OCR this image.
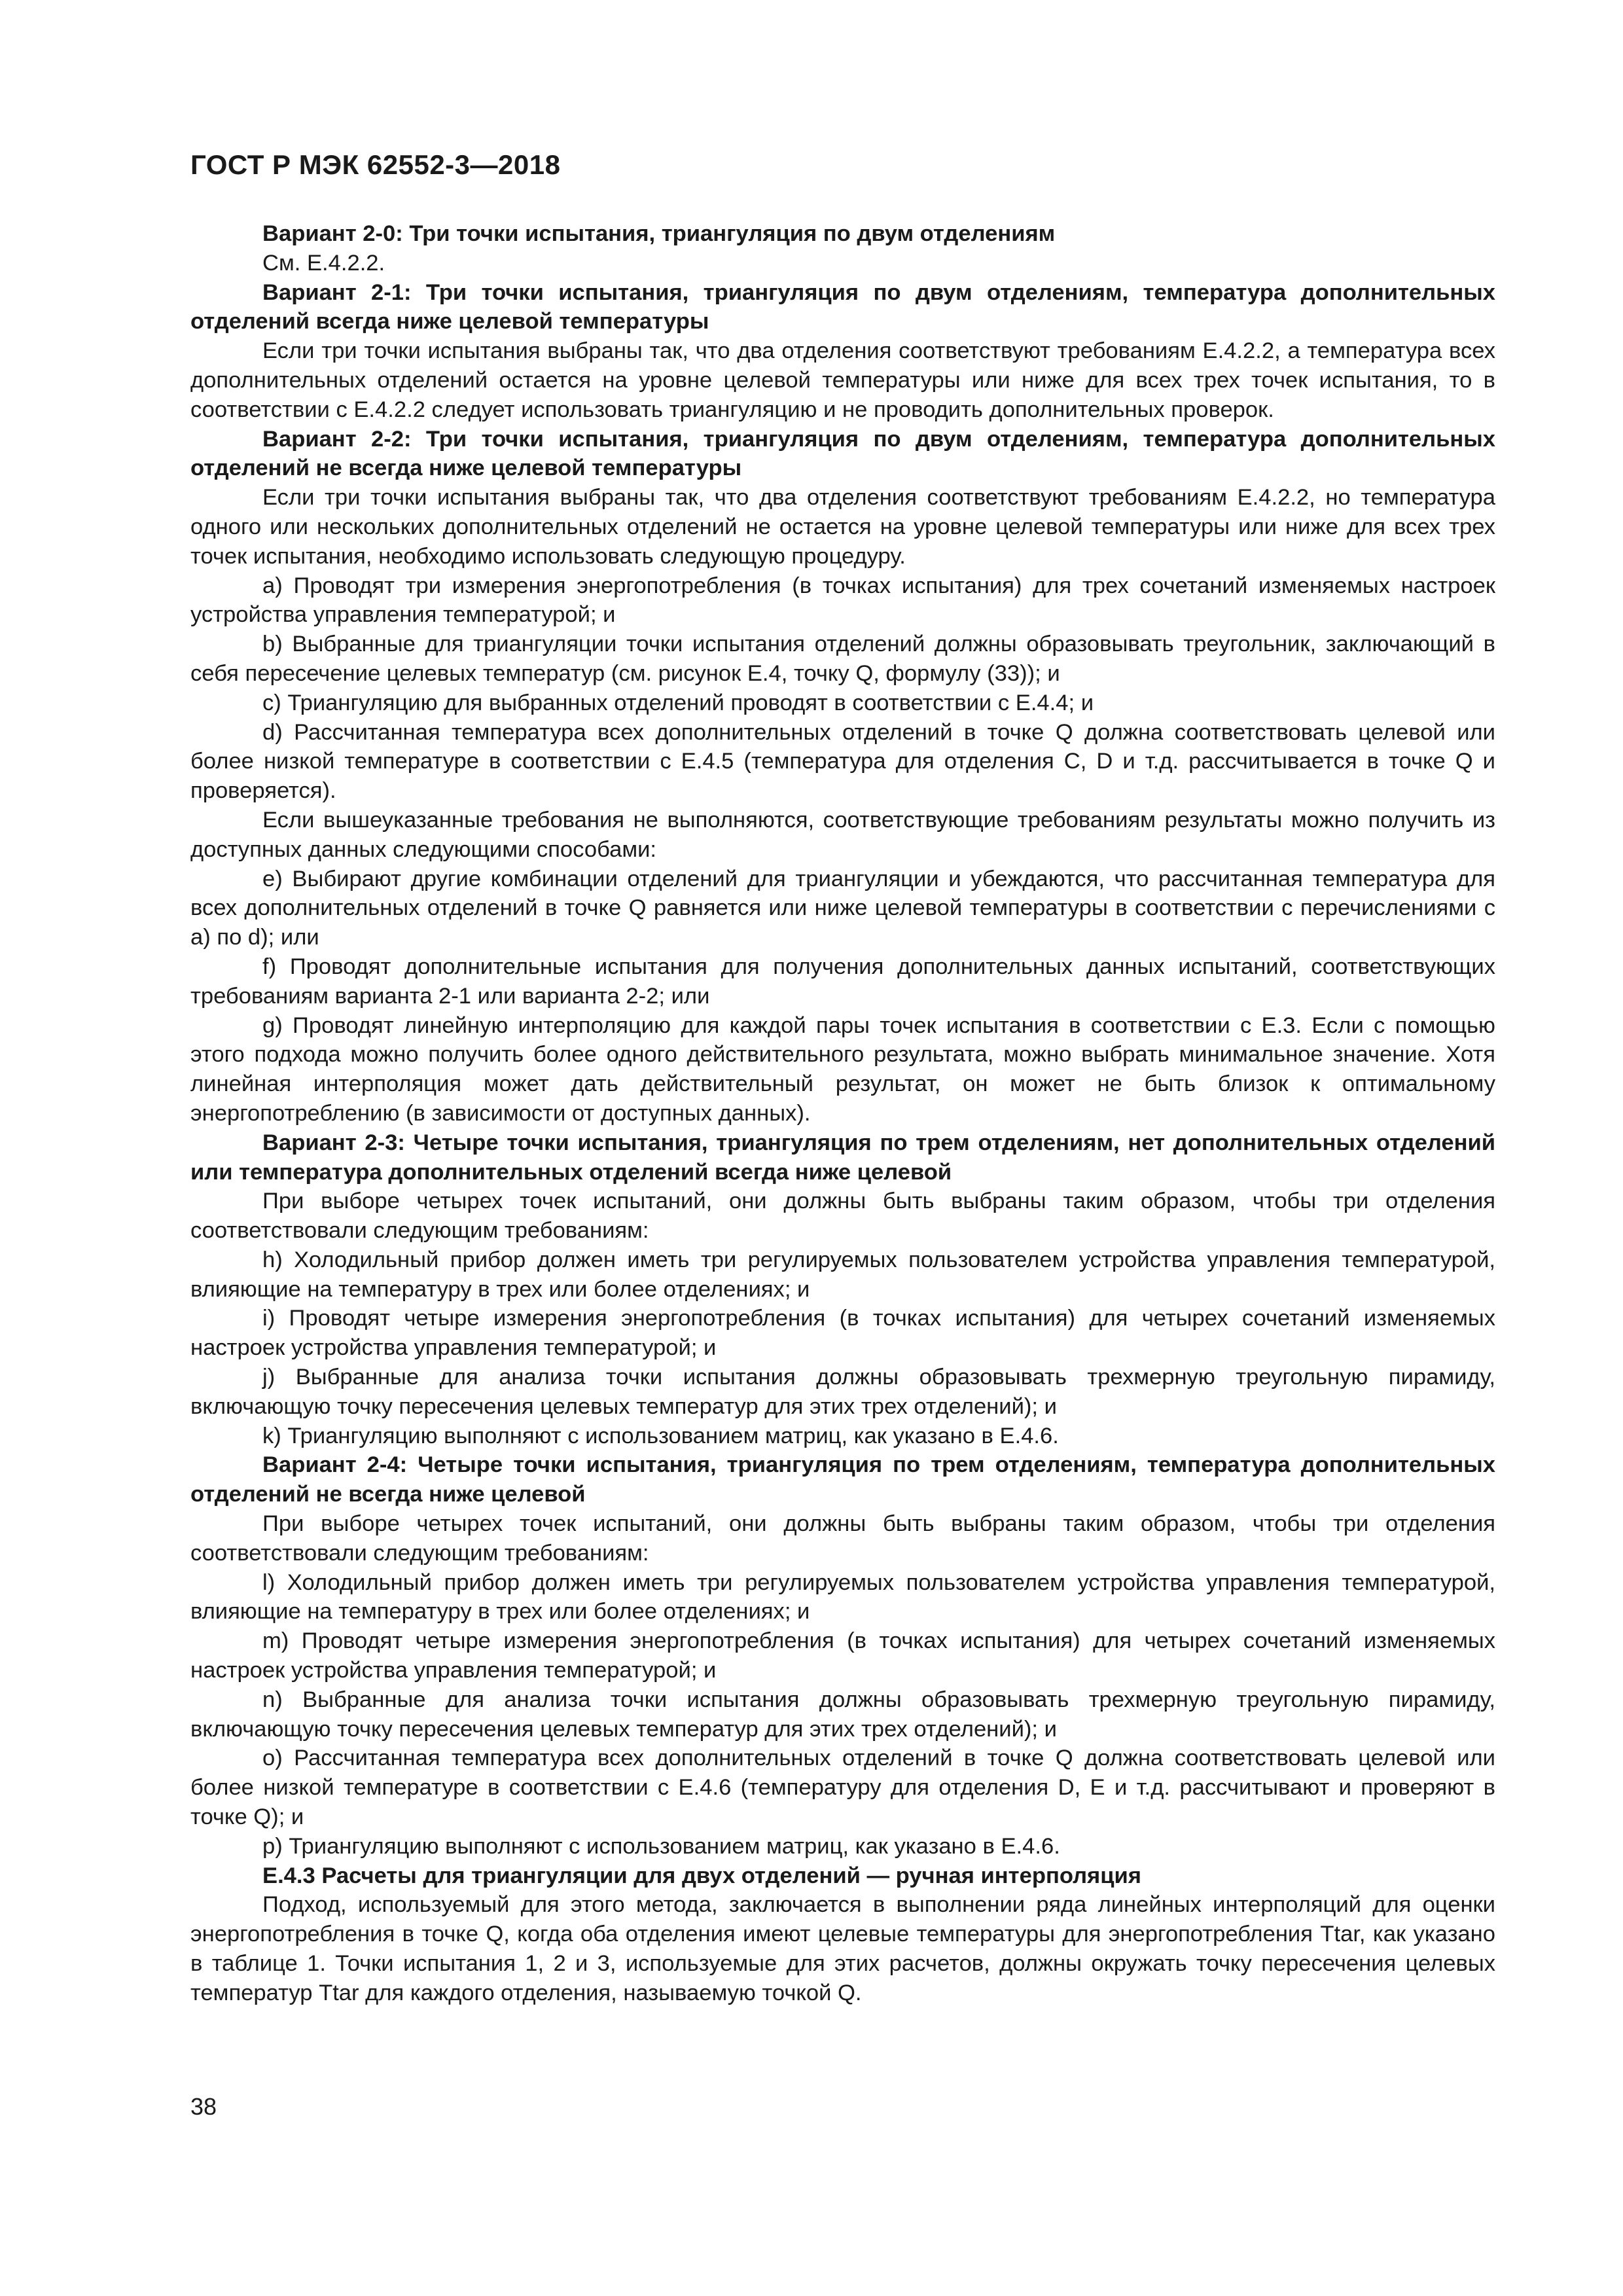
ГОСТ Р МЭК 62552-3—2018

Вариант 2-0: Три точки испытания, триангуляция по двум отделениям

См. E.4.2.2.

Вариант 2-1: Три точки испытания, триангуляция по двум отделениям, температура дополнительных отделений всегда ниже целевой температуры

Если три точки испытания выбраны так, что два отделения соответствуют требованиям E.4.2.2, а температура всех дополнительных отделений остается на уровне целевой температуры или ниже для всех трех точек испытания, то в соответствии с E.4.2.2 следует использовать триангуляцию и не проводить дополнительных проверок.

Вариант 2-2: Три точки испытания, триангуляция по двум отделениям, температура дополнительных отделений не всегда ниже целевой температуры

Если три точки испытания выбраны так, что два отделения соответствуют требованиям E.4.2.2, но температура одного или нескольких дополнительных отделений не остается на уровне целевой температуры или ниже для всех трех точек испытания, необходимо использовать следующую процедуру.

a) Проводят три измерения энергопотребления (в точках испытания) для трех сочетаний изменяемых настроек устройства управления температурой; и

b) Выбранные для триангуляции точки испытания отделений должны образовывать треугольник, заключающий в себя пересечение целевых температур (см. рисунок E.4, точку Q, формулу (33)); и

c) Триангуляцию для выбранных отделений проводят в соответствии с E.4.4; и

d) Рассчитанная температура всех дополнительных отделений в точке Q должна соответствовать целевой или более низкой температуре в соответствии с E.4.5 (температура для отделения C, D и т.д. рассчитывается в точке Q и проверяется).

Если вышеуказанные требования не выполняются, соответствующие требованиям результаты можно получить из доступных данных следующими способами:

e) Выбирают другие комбинации отделений для триангуляции и убеждаются, что рассчитанная температура для всех дополнительных отделений в точке Q равняется или ниже целевой температуры в соответствии с перечислениями с a) по d); или

f) Проводят дополнительные испытания для получения дополнительных данных испытаний, соответствующих требованиям варианта 2-1 или варианта 2-2; или

g) Проводят линейную интерполяцию для каждой пары точек испытания в соответствии с E.3. Если с помощью этого подхода можно получить более одного действительного результата, можно выбрать минимальное значение. Хотя линейная интерполяция может дать действительный результат, он может не быть близок к оптимальному энергопотреблению (в зависимости от доступных данных).

Вариант 2-3: Четыре точки испытания, триангуляция по трем отделениям, нет дополнительных отделений или температура дополнительных отделений всегда ниже целевой

При выборе четырех точек испытаний, они должны быть выбраны таким образом, чтобы три отделения соответствовали следующим требованиям:

h) Холодильный прибор должен иметь три регулируемых пользователем устройства управления температурой, влияющие на температуру в трех или более отделениях; и

i) Проводят четыре измерения энергопотребления (в точках испытания) для четырех сочетаний изменяемых настроек устройства управления температурой; и

j) Выбранные для анализа точки испытания должны образовывать трехмерную треугольную пирамиду, включающую точку пересечения целевых температур для этих трех отделений); и

k) Триангуляцию выполняют с использованием матриц, как указано в E.4.6.

Вариант 2-4: Четыре точки испытания, триангуляция по трем отделениям, температура дополнительных отделений не всегда ниже целевой

При выборе четырех точек испытаний, они должны быть выбраны таким образом, чтобы три отделения соответствовали следующим требованиям:

l) Холодильный прибор должен иметь три регулируемых пользователем устройства управления температурой, влияющие на температуру в трех или более отделениях; и

m) Проводят четыре измерения энергопотребления (в точках испытания) для четырех сочетаний изменяемых настроек устройства управления температурой; и

n) Выбранные для анализа точки испытания должны образовывать трехмерную треугольную пирамиду, включающую точку пересечения целевых температур для этих трех отделений); и

o) Рассчитанная температура всех дополнительных отделений в точке Q должна соответствовать целевой или более низкой температуре в соответствии с E.4.6 (температуру для отделения D, E и т.д. рассчитывают и проверяют в точке Q); и

p) Триангуляцию выполняют с использованием матриц, как указано в E.4.6.

E.4.3 Расчеты для триангуляции для двух отделений — ручная интерполяция

Подход, используемый для этого метода, заключается в выполнении ряда линейных интерполяций для оценки энергопотребления в точке Q, когда оба отделения имеют целевые температуры для энергопотребления Ttar, как указано в таблице 1. Точки испытания 1, 2 и 3, используемые для этих расчетов, должны окружать точку пересечения целевых температур Ttar для каждого отделения, называемую точкой Q.

38
